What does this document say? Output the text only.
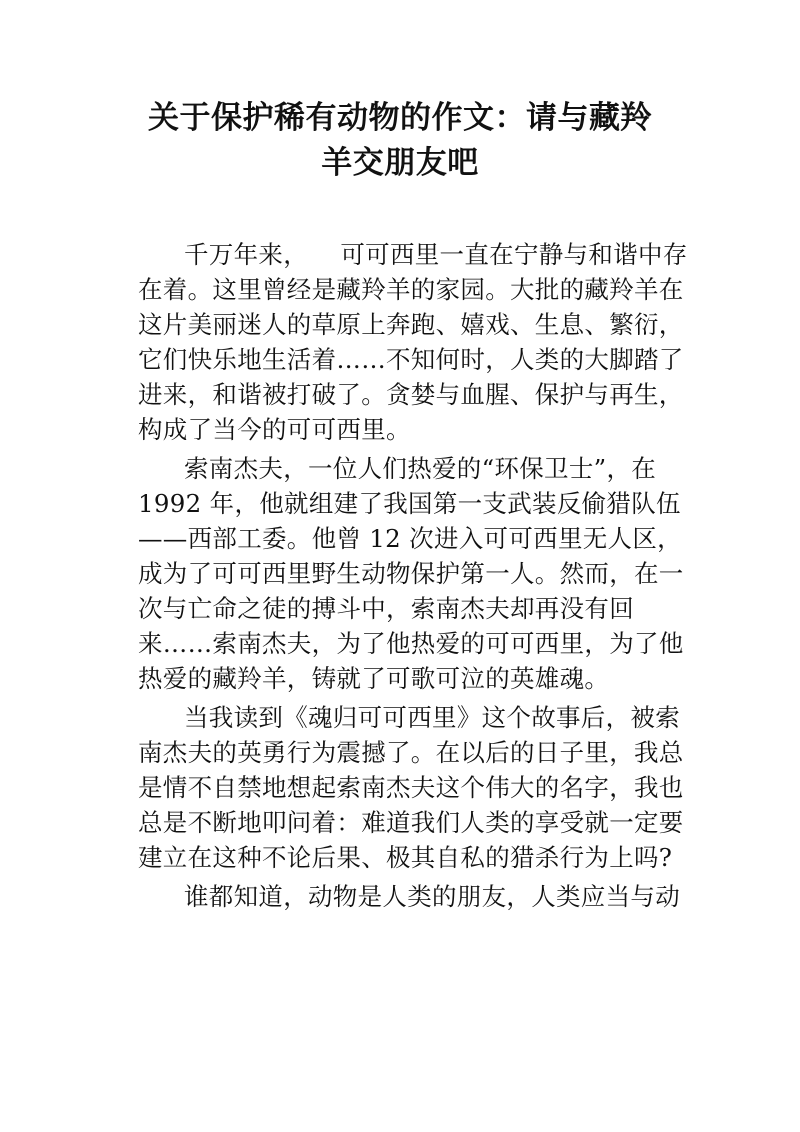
关于保护稀有动物的作文：请与藏羚
羊交朋友吧

千万年来，    可可西里一直在宁静与和谐中存
在着。这里曾经是藏羚羊的家园。大批的藏羚羊在
这片美丽迷人的草原上奔跑、嬉戏、生息、繁衍，
它们快乐地生活着……不知何时，人类的大脚踏了
进来，和谐被打破了。贪婪与血腥、保护与再生，
构成了当今的可可西里。

索南杰夫，一位人们热爱的“环保卫士”，在
1992 年，他就组建了我国第一支武装反偷猎队伍
——西部工委。他曾 12 次进入可可西里无人区，
成为了可可西里野生动物保护第一人。然而，在一
次与亡命之徒的搏斗中，索南杰夫却再没有回
来……索南杰夫，为了他热爱的可可西里，为了他
热爱的藏羚羊，铸就了可歌可泣的英雄魂。

当我读到《魂归可可西里》这个故事后，被索
南杰夫的英勇行为震撼了。在以后的日子里，我总
是情不自禁地想起索南杰夫这个伟大的名字，我也
总是不断地叩问着：难道我们人类的享受就一定要
建立在这种不论后果、极其自私的猎杀行为上吗?

谁都知道，动物是人类的朋友，人类应当与动
